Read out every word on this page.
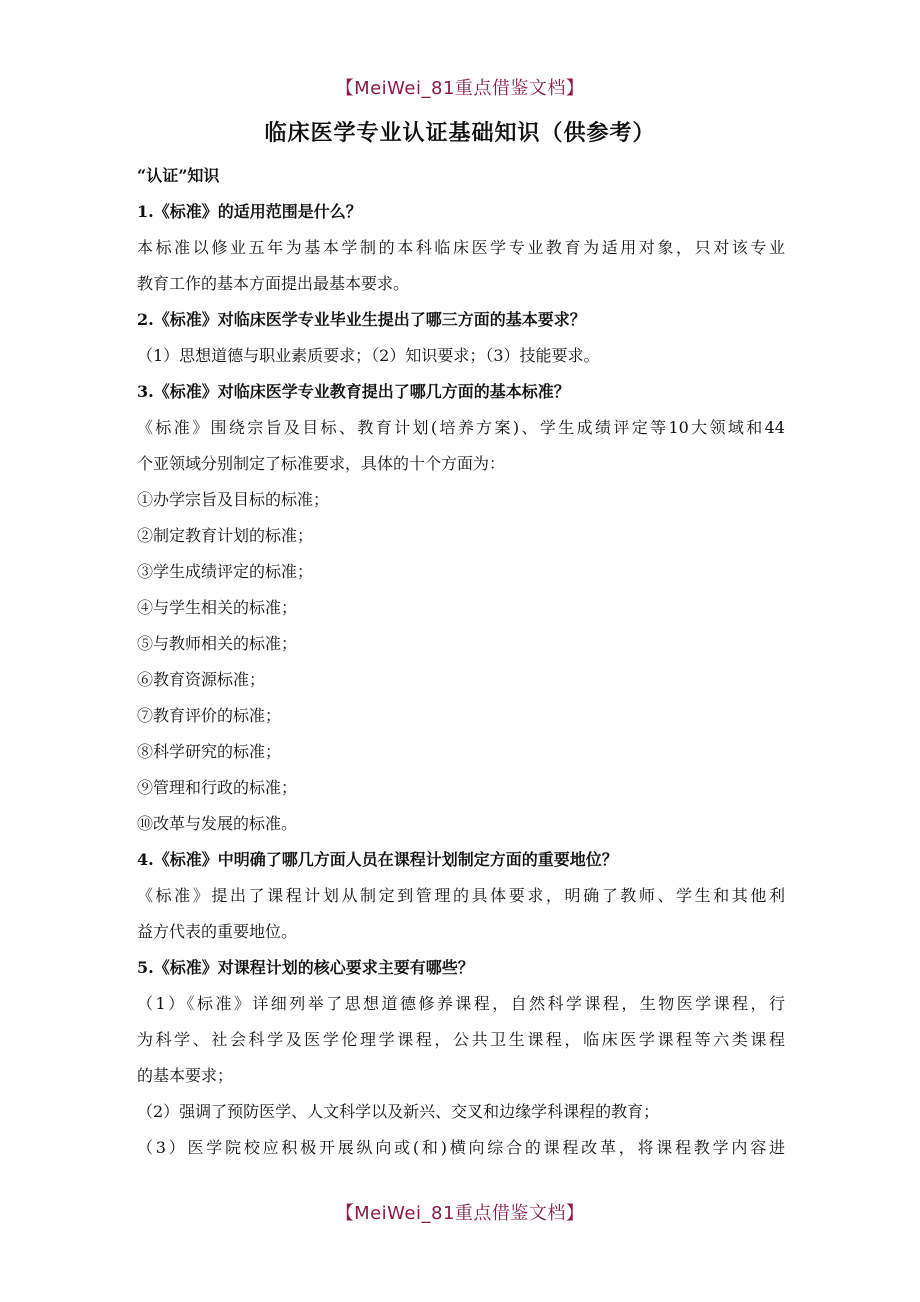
【MeiWei_81重点借鉴文档】
临床医学专业认证基础知识（供参考）

“认证”知识

1.《标准》的适用范围是什么？

本标准以修业五年为基本学制的本科临床医学专业教育为适用对象，只对该专业

教育工作的基本方面提出最基本要求。

2.《标准》对临床医学专业毕业生提出了哪三方面的基本要求？

（1）思想道德与职业素质要求；（2）知识要求；（3）技能要求。

3.《标准》对临床医学专业教育提出了哪几方面的基本标准？

《标准》围绕宗旨及目标、教育计划(培养方案)、学生成绩评定等10大领域和44

个亚领域分别制定了标准要求，具体的十个方面为：

①办学宗旨及目标的标准；

②制定教育计划的标准；

③学生成绩评定的标准；

④与学生相关的标准；

⑤与教师相关的标准；

⑥教育资源标准；

⑦教育评价的标准；

⑧科学研究的标准；

⑨管理和行政的标准；

⑩改革与发展的标准。

4.《标准》中明确了哪几方面人员在课程计划制定方面的重要地位？

《标准》提出了课程计划从制定到管理的具体要求，明确了教师、学生和其他利

益方代表的重要地位。

5.《标准》对课程计划的核心要求主要有哪些？

（1）《标准》详细列举了思想道德修养课程，自然科学课程，生物医学课程，行

为科学、社会科学及医学伦理学课程，公共卫生课程，临床医学课程等六类课程

的基本要求；

（2）强调了预防医学、人文科学以及新兴、交叉和边缘学科课程的教育；

（3）医学院校应积极开展纵向或(和)横向综合的课程改革，将课程教学内容进

【MeiWei_81重点借鉴文档】
